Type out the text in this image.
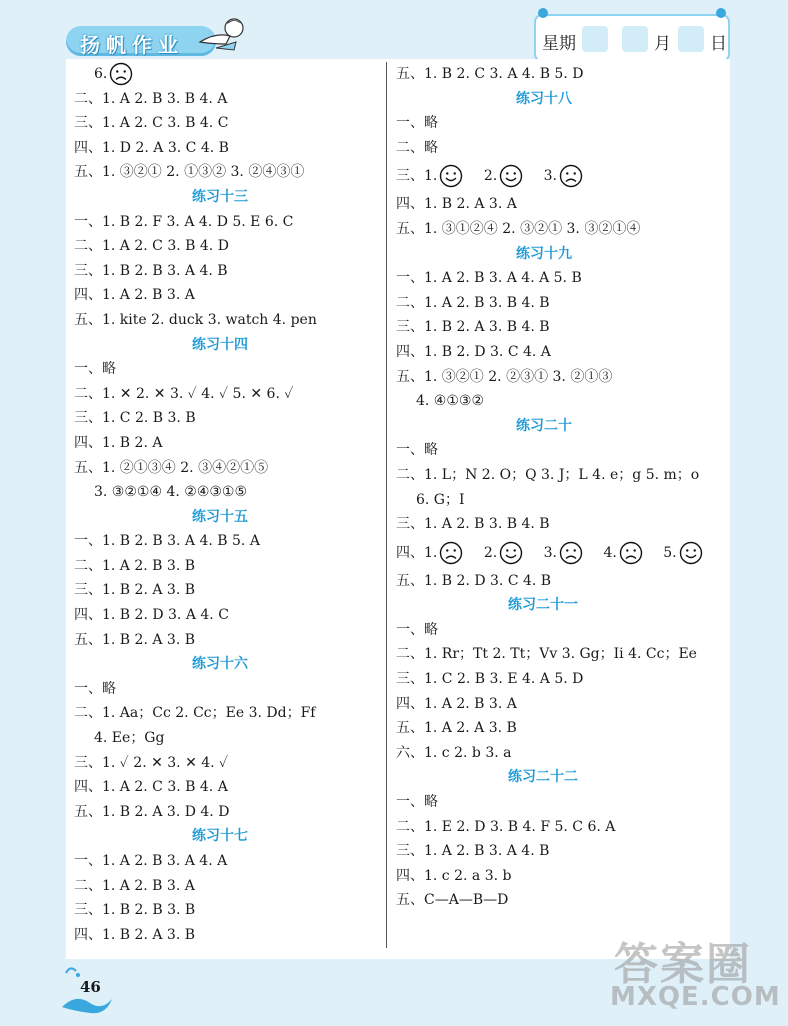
扬帆作业	星期	月 日
6.
二、1. A 2. B 3. B 4. A
三、1. A 2. C 3. B 4. C
四、1. D 2. A 3. C 4. B
五、1. ③②① 2. ①③② 3. ②④③①
练习十三
一、1. B 2. F 3. A 4. D 5. E 6. C
二、1. A 2. C 3. B 4. D
三、1. B 2. B 3. A 4. B
四、1. A 2. B 3. A
五、1. kite 2. duck 3. watch 4. pen
练习十四
一、略
二、1. ✕ 2. ✕ 3. ✓ 4. ✓ 5. ✕ 6. ✓
三、1. C 2. B 3. B
四、1. B 2. A
五、1. ②①③④ 2. ③④②①⑤
3. ③②①④ 4. ②④③①⑤
练习十五
一、1. B 2. B 3. A 4. B 5. A
二、1. A 2. B 3. B
三、1. B 2. A 3. B
四、1. B 2. D 3. A 4. C
五、1. B 2. A 3. B
练习十六
一、略
二、1. Aa；Cc 2. Cc；Ee 3. Dd；Ff
4. Ee；Gg
三、1. ✓ 2. ✕ 3. ✕ 4. ✓
四、1. A 2. C 3. B 4. A
五、1. B 2. A 3. D 4. D
练习十七
一、1. A 2. B 3. A 4. A
二、1. A 2. B 3. A
三、1. B 2. B 3. B
四、1. B 2. A 3. B
五、1. B 2. C 3. A 4. B 5. D
练习十八
一、略
二、略
三、1.	2.	3.
四、1. B 2. A 3. A
五、1. ③①②④ 2. ③②① 3. ③②①④
练习十九
一、1. A 2. B 3. A 4. A 5. B
二、1. A 2. B 3. B 4. B
三、1. B 2. A 3. B 4. B
四、1. B 2. D 3. C 4. A
五、1. ③②① 2. ②③① 3. ②①③
4. ④①③②
练习二十
一、略
二、1. L；N 2. O；Q 3. J；L 4. e；g 5. m；o
6. G；I
三、1. A 2. B 3. B 4. B
四、1.	2.	3.	4.	5.
五、1. B 2. D 3. C 4. B
练习二十一
一、略
二、1. Rr；Tt 2. Tt；Vv 3. Gg；Ii 4. Cc；Ee
三、1. C 2. B 3. E 4. A 5. D
四、1. A 2. B 3. A
五、1. A 2. A 3. B
六、1. c 2. b 3. a
练习二十二
一、略
二、1. E 2. D 3. B 4. F 5. C 6. A
三、1. A 2. B 3. A 4. B
四、1. c 2. a 3. b
五、C—A—B—D
46	答案圈
MXQE.COM
